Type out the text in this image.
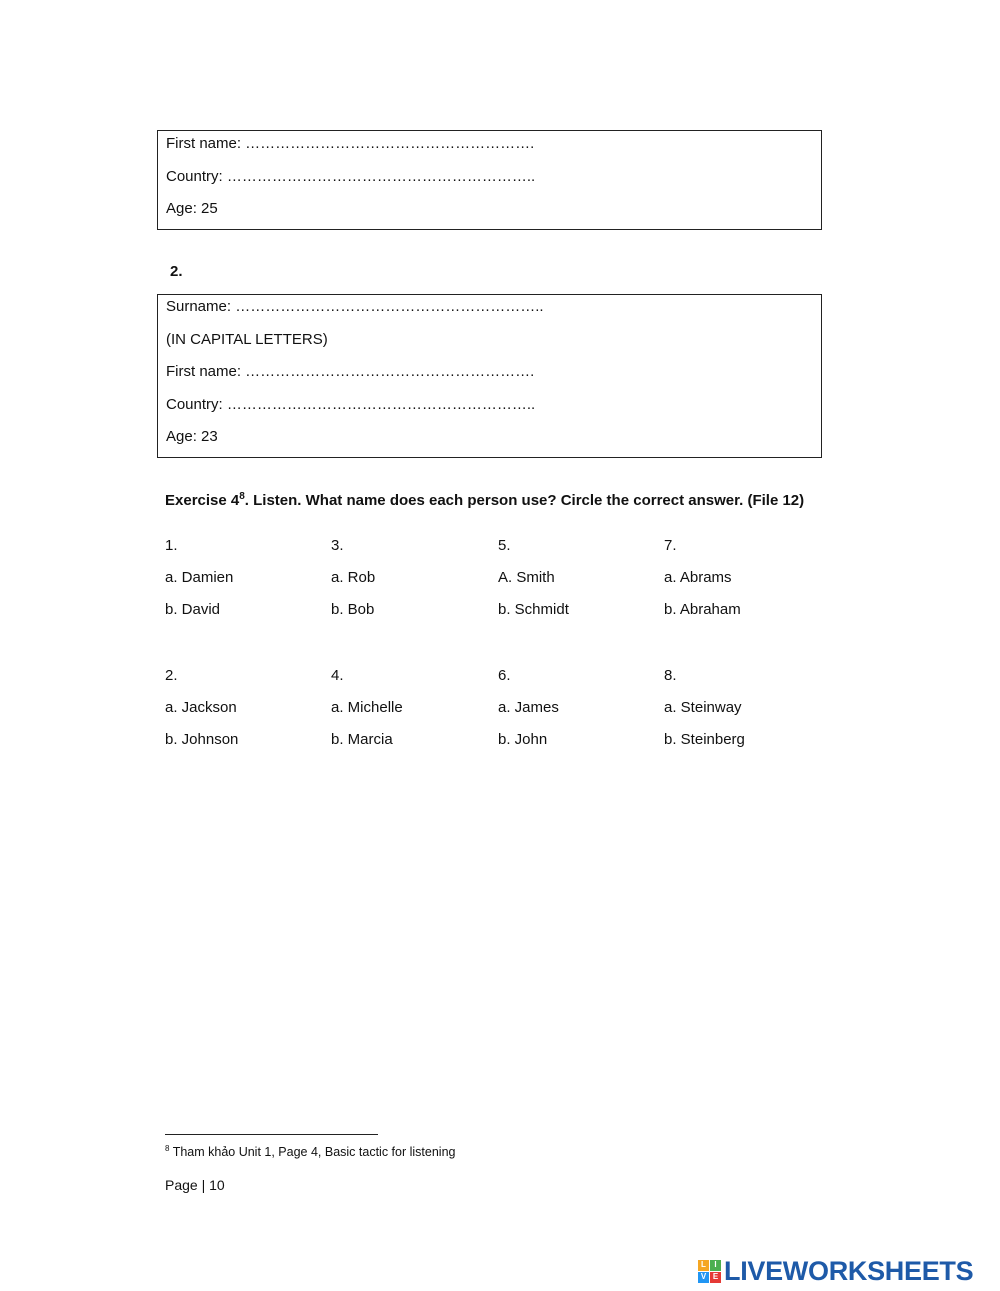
First name: ………………………………………………….
Country: ……………………………………………………..
Age: 25
2.
Surname: ……………………………………………………..
(IN CAPITAL LETTERS)
First name: ………………………………………………….
Country: ……………………………………………………..
Age: 23
Exercise $4^8$. Listen. What name does each person use? Circle the correct answer. (File 12)
1.
a. Damien
b. David
3.
a. Rob
b. Bob
5.
A. Smith
b. Schmidt
7.
a. Abrams
b. Abraham
2.
a. Jackson
b. Johnson
4.
a. Michelle
b. Marcia
6.
a. James
b. John
8.
a. Steinway
b. Steinberg
$^8$ Tham khảo Unit 1, Page 4, Basic tactic for listening
Page | 10
L	I
V E LIVEWORKSHEETS
